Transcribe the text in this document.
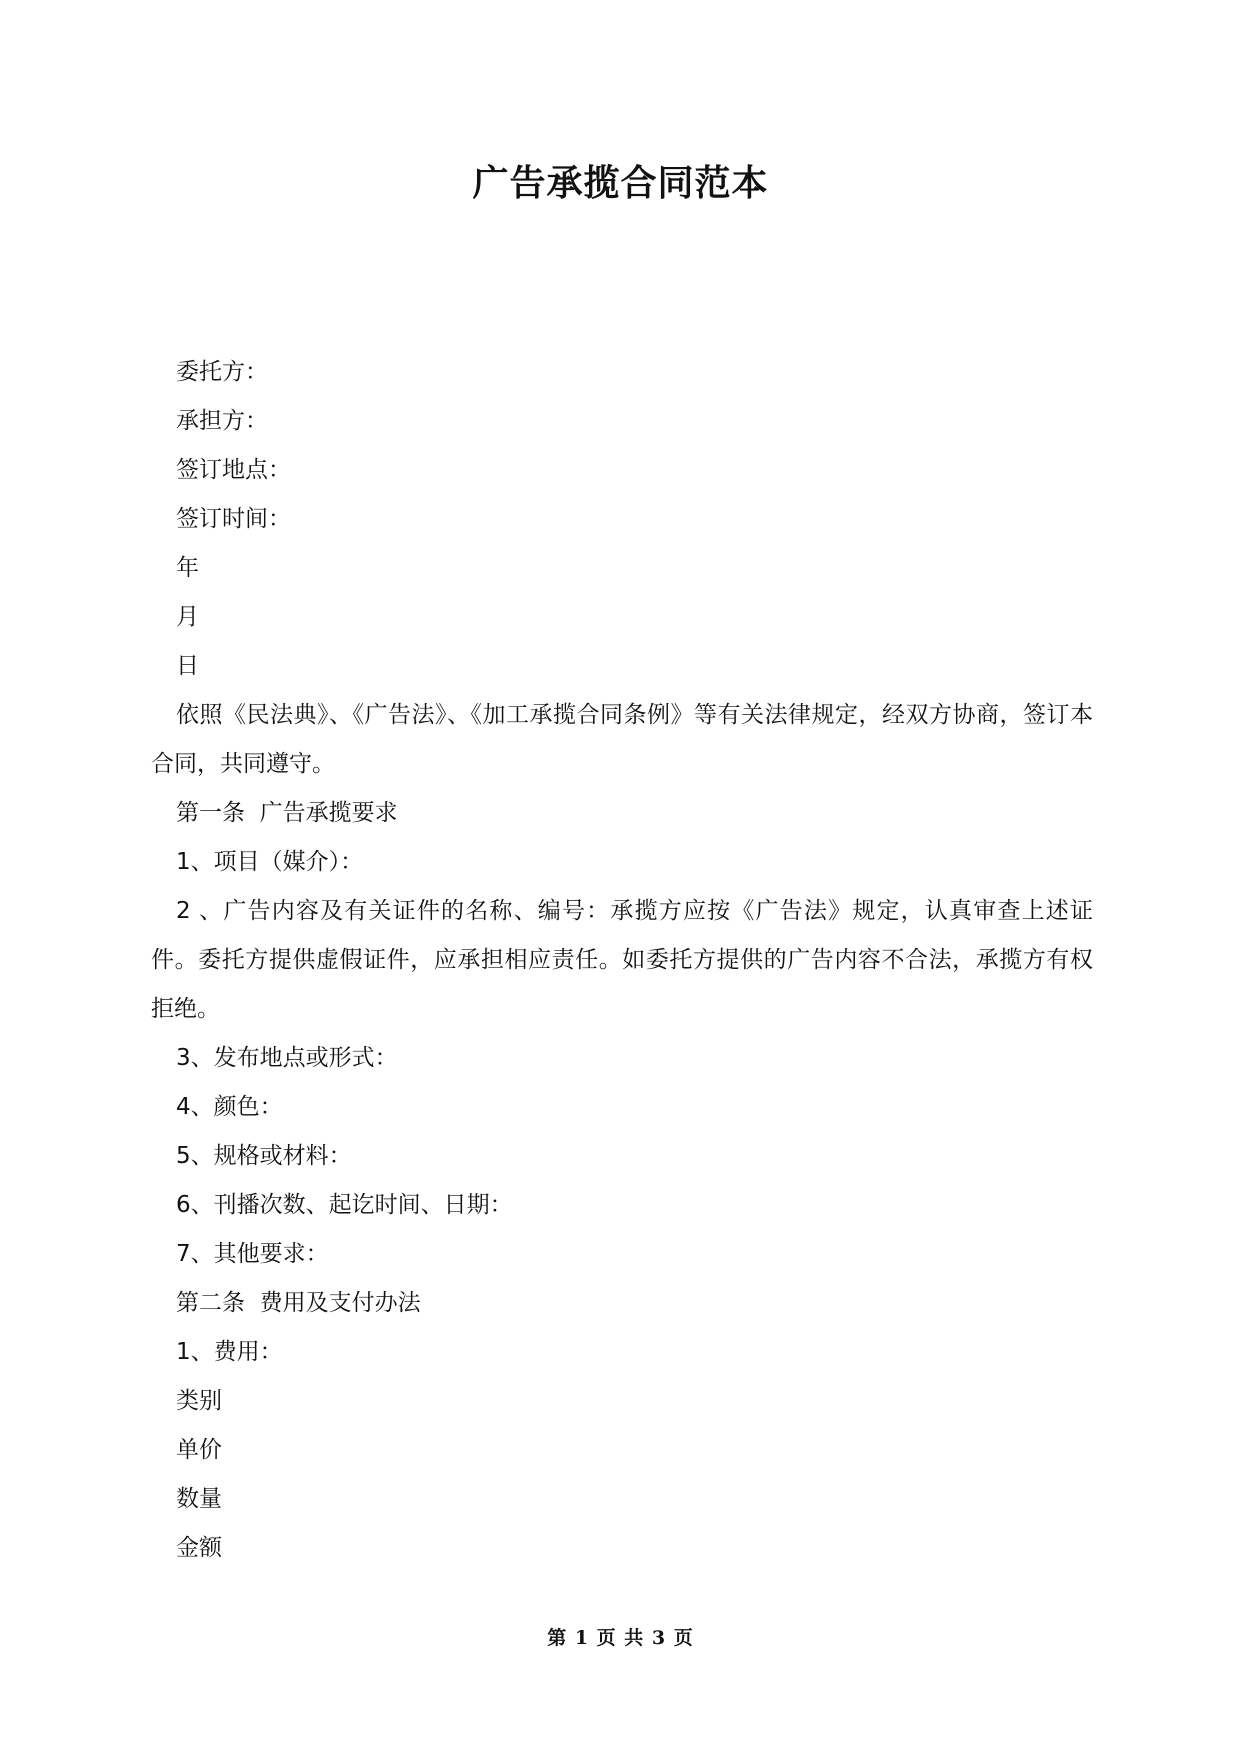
广告承揽合同范本

委托方：

承担方：

签订地点：

签订时间：

年

月

日

依照《民法典》、《广告法》、《加工承揽合同条例》等有关法律规定，经双方协商，签订本合同，共同遵守。

第一条  广告承揽要求

1、项目（媒介）：

2 、广告内容及有关证件的名称、编号：承揽方应按《广告法》规定，认真审查上述证件。委托方提供虚假证件，应承担相应责任。如委托方提供的广告内容不合法，承揽方有权拒绝。

3、发布地点或形式：

4、颜色：

5、规格或材料：

6、刊播次数、起讫时间、日期：

7、其他要求：

第二条  费用及支付办法

1、费用：

类别

单价

数量

金额

第 1 页 共 3 页
